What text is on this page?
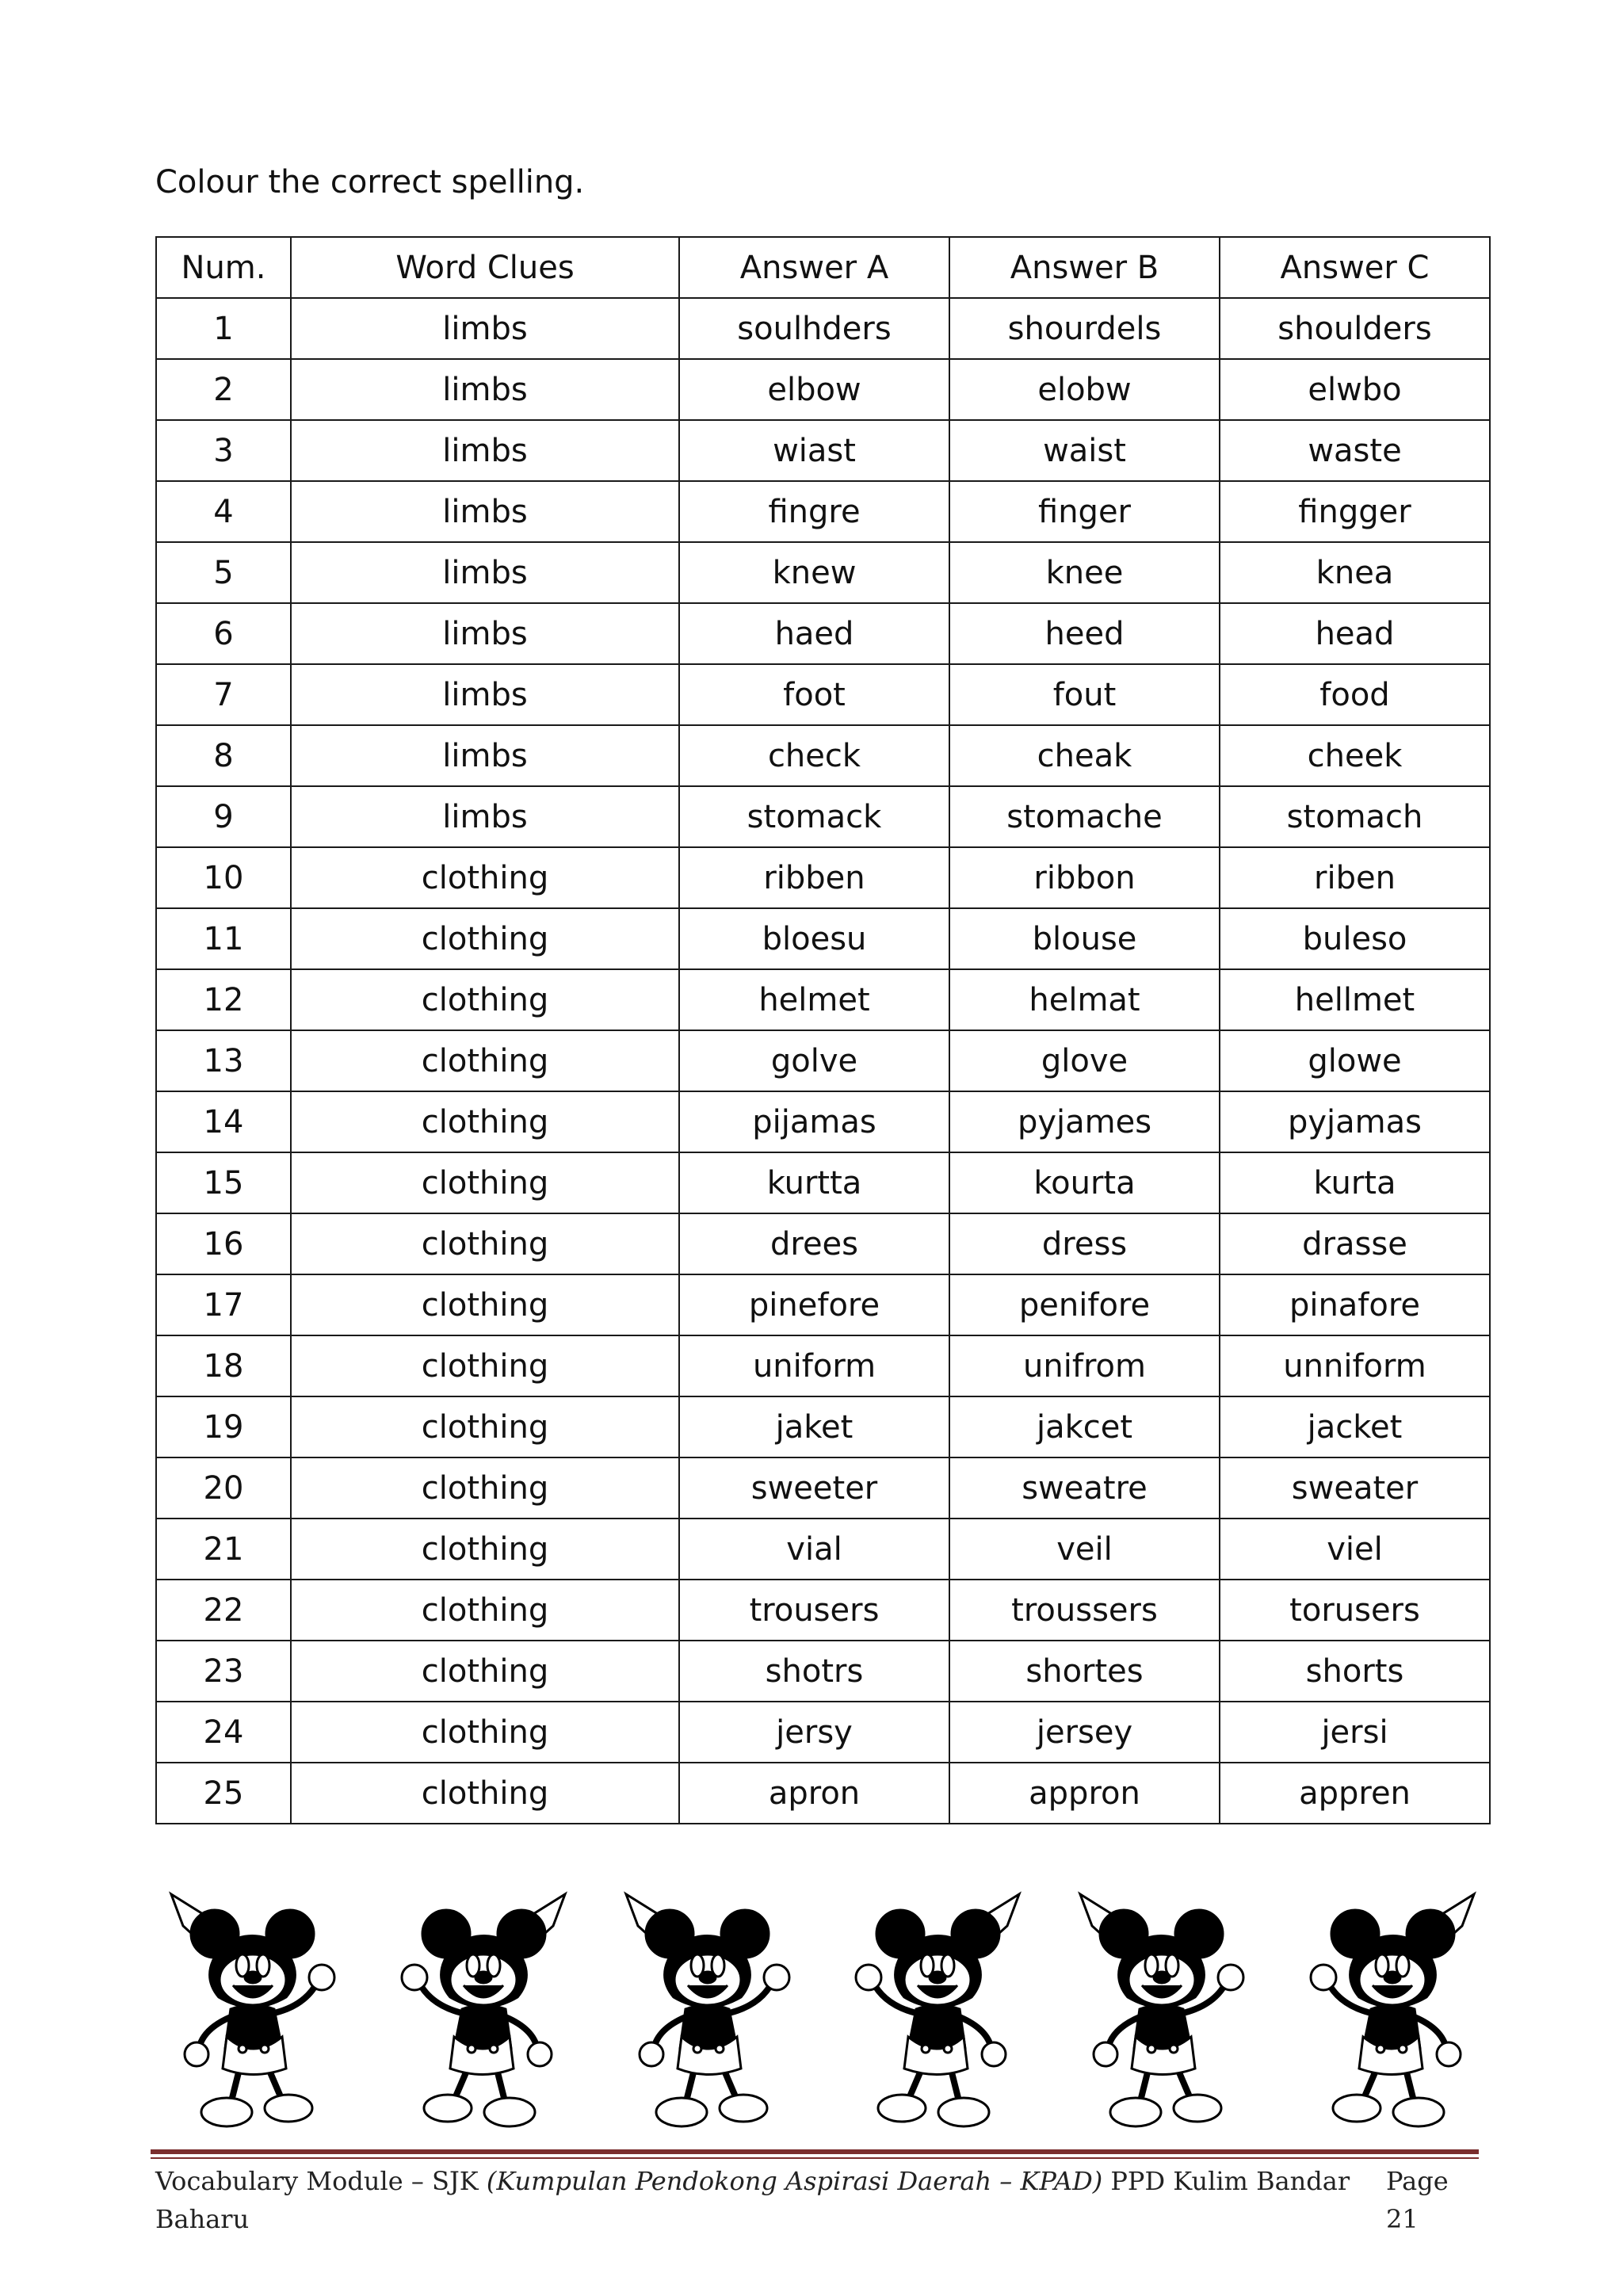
Colour the correct spelling.
Num.	Word Clues	Answer A	Answer B	Answer C
1	limbs	soulhders	shourdels	shoulders
2	limbs	elbow	elobw	elwbo
3	limbs	wiast	waist	waste
4	limbs	fingre	finger	fingger
5	limbs	knew	knee	knea
6	limbs	haed	heed	head
7	limbs	foot	fout	food
8	limbs	check	cheak	cheek
9	limbs	stomack	stomache	stomach
10	clothing	ribben	ribbon	riben
11	clothing	bloesu	blouse	buleso
12	clothing	helmet	helmat	hellmet
13	clothing	golve	glove	glowe
14	clothing	pijamas	pyjames	pyjamas
15	clothing	kurtta	kourta	kurta
16	clothing	drees	dress	drasse
17	clothing	pinefore	penifore	pinafore
18	clothing	uniform	unifrom	unniform
19	clothing	jaket	jakcet	jacket
20	clothing	sweeter	sweatre	sweater
21	clothing	vial	veil	viel
22	clothing	trousers	troussers	torusers
23	clothing	shotrs	shortes	shorts
24	clothing	jersy	jersey	jersi
25	clothing	apron	appron	appren
Vocabulary Module – SJK (Kumpulan Pendokong Aspirasi Daerah – KPAD) PPD Kulim Bandar Baharu
Page 21
